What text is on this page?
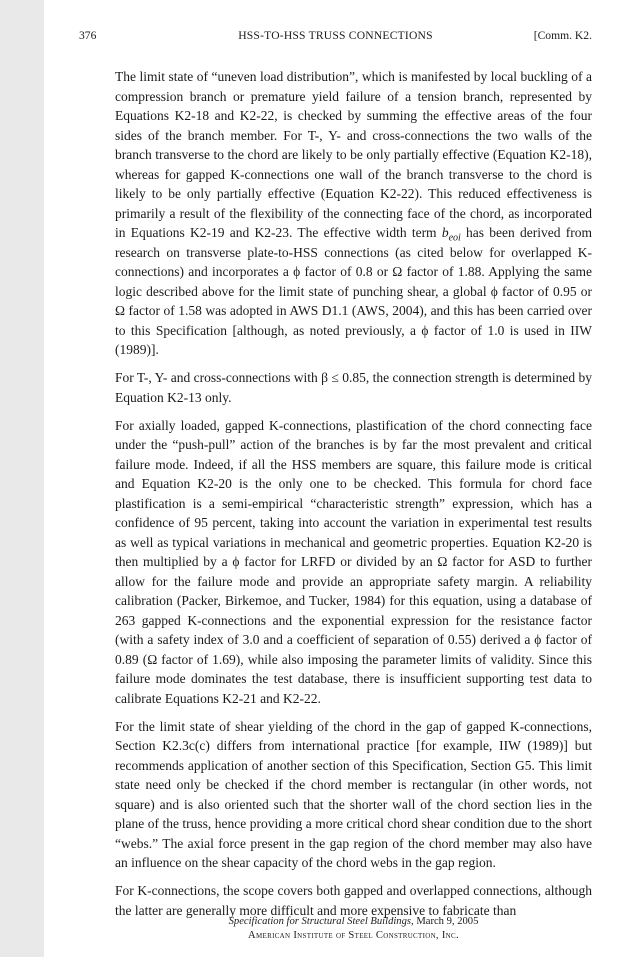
376	HSS-TO-HSS TRUSS CONNECTIONS	[Comm. K2.

The limit state of “uneven load distribution”, which is manifested by local buckling of a compression branch or premature yield failure of a tension branch, represented by Equations K2-18 and K2-22, is checked by summing the effective areas of the four sides of the branch member. For T-, Y- and cross-connections the two walls of the branch transverse to the chord are likely to be only partially effective (Equation K2-18), whereas for gapped K-connections one wall of the branch transverse to the chord is likely to be only partially effective (Equation K2-22). This reduced effectiveness is primarily a result of the flexibility of the connecting face of the chord, as incorporated in Equations K2-19 and K2-23. The effective width term $b_{eoi}$ has been derived from research on transverse plate-to-HSS connections (as cited below for overlapped K-connections) and incorporates a ϕ factor of 0.8 or Ω factor of 1.88. Applying the same logic described above for the limit state of punching shear, a global ϕ factor of 0.95 or Ω factor of 1.58 was adopted in AWS D1.1 (AWS, 2004), and this has been carried over to this Specification [although, as noted previously, a ϕ factor of 1.0 is used in IIW (1989)].

For T-, Y- and cross-connections with β ≤ 0.85, the connection strength is determined by Equation K2-13 only.

For axially loaded, gapped K-connections, plastification of the chord connecting face under the “push-pull” action of the branches is by far the most prevalent and critical failure mode. Indeed, if all the HSS members are square, this failure mode is critical and Equation K2-20 is the only one to be checked. This formula for chord face plastification is a semi-empirical “characteristic strength” expression, which has a confidence of 95 percent, taking into account the variation in experimental test results as well as typical variations in mechanical and geometric properties. Equation K2-20 is then multiplied by a ϕ factor for LRFD or divided by an Ω factor for ASD to further allow for the failure mode and provide an appropriate safety margin. A reliability calibration (Packer, Birkemoe, and Tucker, 1984) for this equation, using a database of 263 gapped K-connections and the exponential expression for the resistance factor (with a safety index of 3.0 and a coefficient of separation of 0.55) derived a ϕ factor of 0.89 (Ω factor of 1.69), while also imposing the parameter limits of validity. Since this failure mode dominates the test database, there is insufficient supporting test data to calibrate Equations K2-21 and K2-22.

For the limit state of shear yielding of the chord in the gap of gapped K-connections, Section K2.3c(c) differs from international practice [for example, IIW (1989)] but recommends application of another section of this Specification, Section G5. This limit state need only be checked if the chord member is rectangular (in other words, not square) and is also oriented such that the shorter wall of the chord section lies in the plane of the truss, hence providing a more critical chord shear condition due to the short “webs.” The axial force present in the gap region of the chord member may also have an influence on the shear capacity of the chord webs in the gap region.

For K-connections, the scope covers both gapped and overlapped connections, although the latter are generally more difficult and more expensive to fabricate than

Specification for Structural Steel Buildings, March 9, 2005
American Institute of Steel Construction, Inc.
